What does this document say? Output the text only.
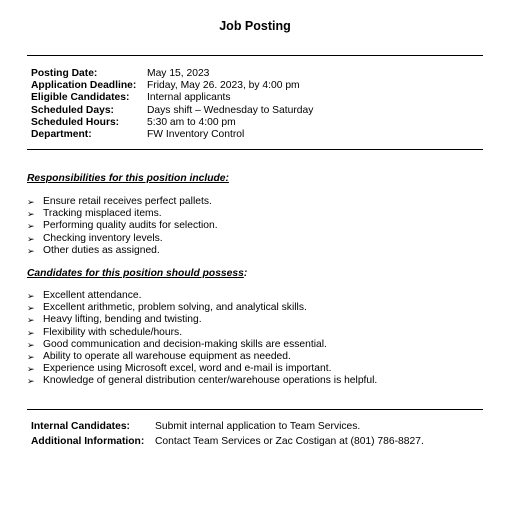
Job Posting
Posting Date:	May 15, 2023
Application Deadline:	Friday, May 26. 2023, by 4:00 pm
Eligible Candidates:	Internal applicants
Scheduled Days:	Days shift – Wednesday to Saturday
Scheduled Hours:	5:30 am to 4:00 pm
Department:	FW Inventory Control
Responsibilities for this position include:
➢ Ensure retail receives perfect pallets.
➢ Tracking misplaced items.
➢ Performing quality audits for selection.
➢ Checking inventory levels.
➢ Other duties as assigned.
Candidates for this position should possess:
➢ Excellent attendance.
➢ Excellent arithmetic, problem solving, and analytical skills.
➢ Heavy lifting, bending and twisting.
➢ Flexibility with schedule/hours.
➢ Good communication and decision-making skills are essential.
➢ Ability to operate all warehouse equipment as needed.
➢ Experience using Microsoft excel, word and e-mail is important.
➢ Knowledge of general distribution center/warehouse operations is helpful.
Internal Candidates:	Submit internal application to Team Services.
Additional Information:	Contact Team Services or Zac Costigan at (801) 786-8827.
